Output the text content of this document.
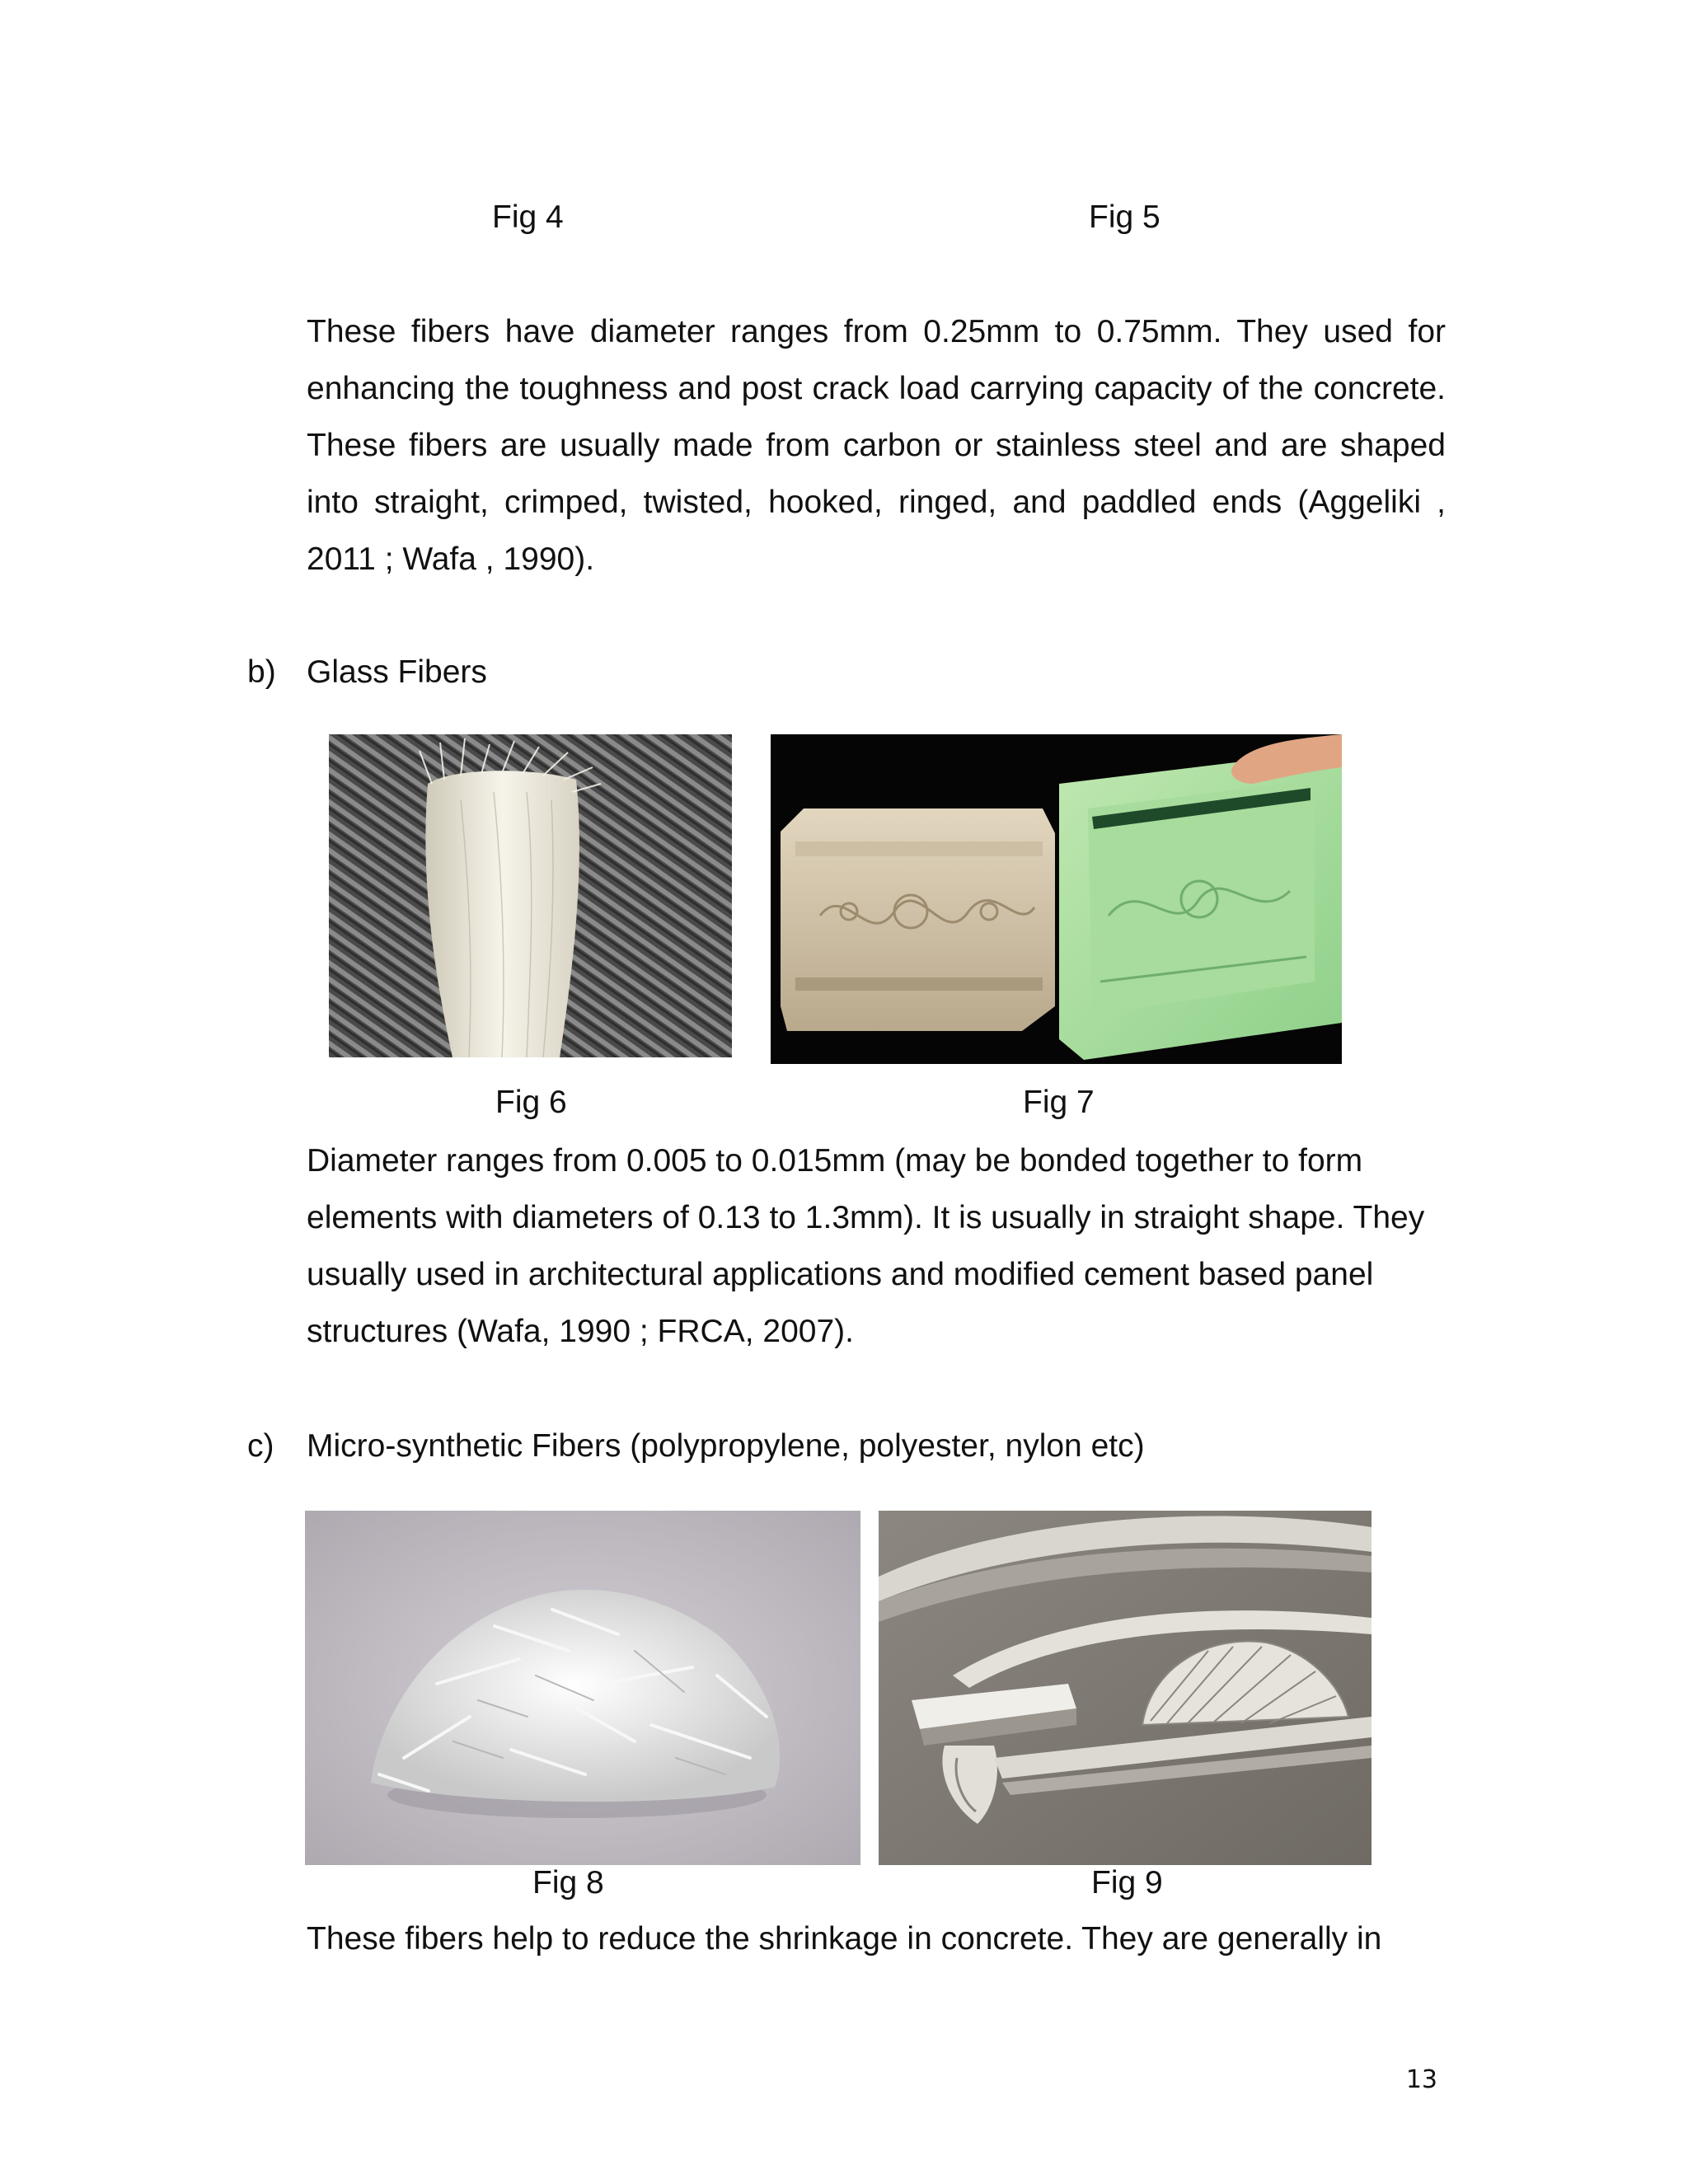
Fig 4	Fig 5

These fibers have diameter ranges from 0.25mm to 0.75mm. They used for enhancing the toughness and post crack load carrying capacity of the concrete. These fibers are usually made from carbon or stainless steel and are shaped into straight, crimped, twisted, hooked, ringed, and paddled ends (Aggeliki , 2011 ; Wafa , 1990).

b) Glass Fibers
Fig 6	Fig 7
Diameter ranges from 0.005 to 0.015mm (may be bonded together to form elements with diameters of 0.13 to 1.3mm). It is usually in straight shape. They usually used in architectural applications and modified cement based panel structures (Wafa, 1990 ; FRCA, 2007).
c) Micro-synthetic Fibers (polypropylene, polyester, nylon etc)
Fig 8	Fig 9
These fibers help to reduce the shrinkage in concrete. They are generally in
13
